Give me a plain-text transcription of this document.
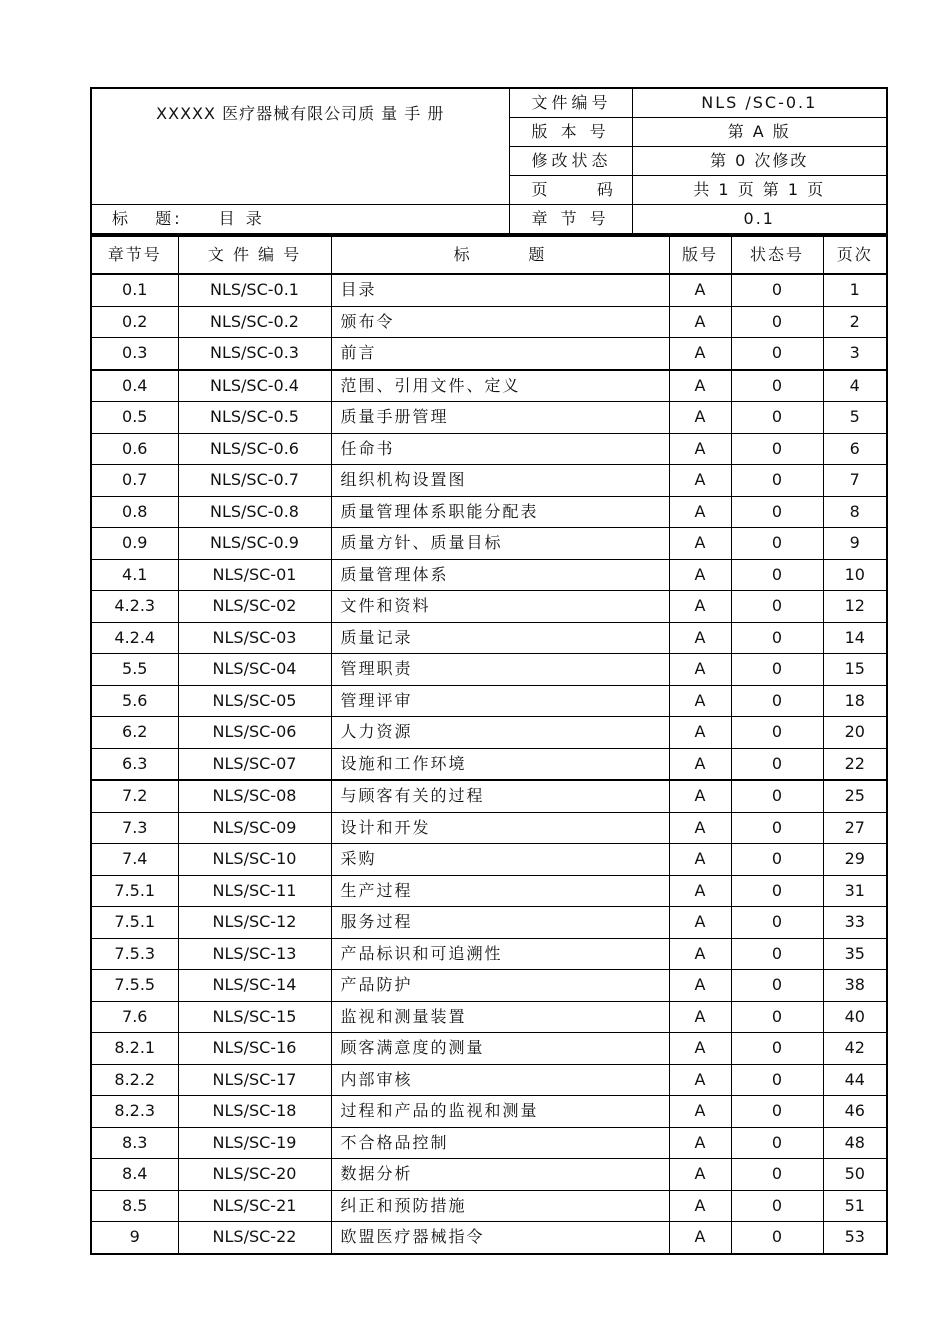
XXXXX 医疗器械有限公司质 量 手 册	文件编号	NLS /SC-0.1
	版 本 号	第 A 版
	修改状态	第 0 次修改
	页     码	共 1 页 第 1 页
标   题: 目 录	章 节 号	0.1
章节号	文 件 编 号	标        题	版号	状态号	页次
0.1	NLS/SC-0.1	目录	A	0	1
0.2	NLS/SC-0.2	颁布令	A	0	2
0.3	NLS/SC-0.3	前言	A	0	3
0.4	NLS/SC-0.4	范围、引用文件、定义	A	0	4
0.5	NLS/SC-0.5	质量手册管理	A	0	5
0.6	NLS/SC-0.6	任命书	A	0	6
0.7	NLS/SC-0.7	组织机构设置图	A	0	7
0.8	NLS/SC-0.8	质量管理体系职能分配表	A	0	8
0.9	NLS/SC-0.9	质量方针、质量目标	A	0	9
4.1	NLS/SC-01	质量管理体系	A	0	10
4.2.3	NLS/SC-02	文件和资料	A	0	12
4.2.4	NLS/SC-03	质量记录	A	0	14
5.5	NLS/SC-04	管理职责	A	0	15
5.6	NLS/SC-05	管理评审	A	0	18
6.2	NLS/SC-06	人力资源	A	0	20
6.3	NLS/SC-07	设施和工作环境	A	0	22
7.2	NLS/SC-08	与顾客有关的过程	A	0	25
7.3	NLS/SC-09	设计和开发	A	0	27
7.4	NLS/SC-10	采购	A	0	29
7.5.1	NLS/SC-11	生产过程	A	0	31
7.5.1	NLS/SC-12	服务过程	A	0	33
7.5.3	NLS/SC-13	产品标识和可追溯性	A	0	35
7.5.5	NLS/SC-14	产品防护	A	0	38
7.6	NLS/SC-15	监视和测量装置	A	0	40
8.2.1	NLS/SC-16	顾客满意度的测量	A	0	42
8.2.2	NLS/SC-17	内部审核	A	0	44
8.2.3	NLS/SC-18	过程和产品的监视和测量	A	0	46
8.3	NLS/SC-19	不合格品控制	A	0	48
8.4	NLS/SC-20	数据分析	A	0	50
8.5	NLS/SC-21	纠正和预防措施	A	0	51
9	NLS/SC-22	欧盟医疗器械指令	A	0	53
